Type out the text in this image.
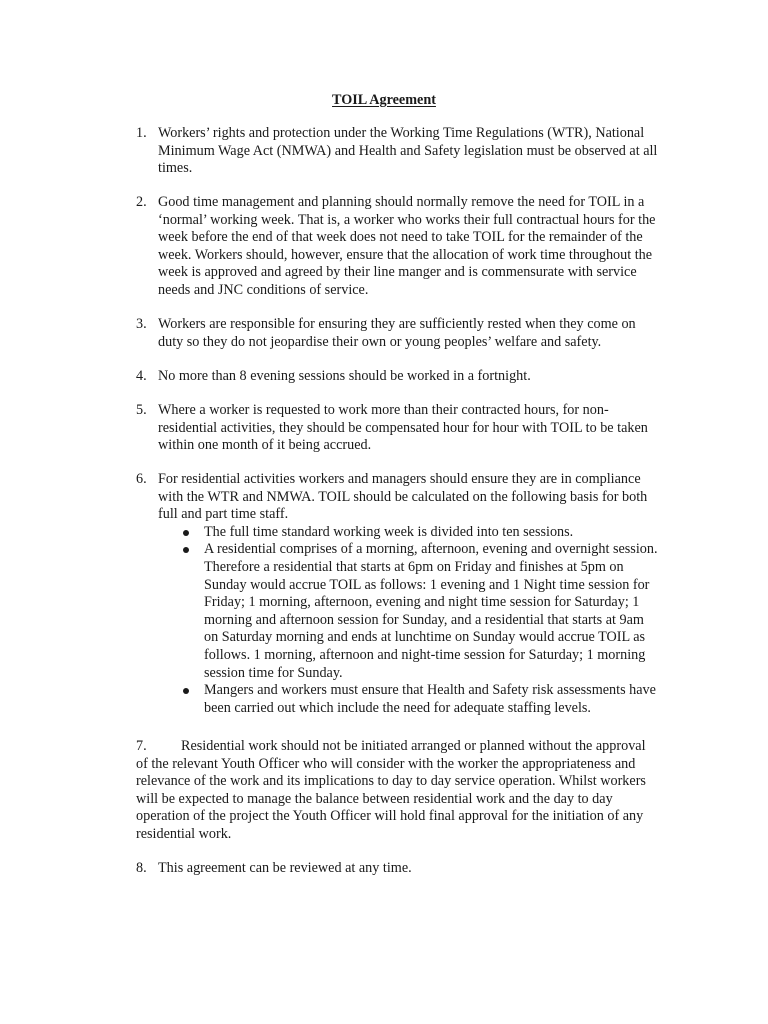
TOIL Agreement
1. Workers’ rights and protection under the Working Time Regulations (WTR), National Minimum Wage Act (NMWA) and Health and Safety legislation must be observed at all times.
2. Good time management and planning should normally remove the need for TOIL in a ‘normal’ working week. That is, a worker who works their full contractual hours for the week before the end of that week does not need to take TOIL for the remainder of the week. Workers should, however, ensure that the allocation of work time throughout the week is approved and agreed by their line manger and is commensurate with service needs and JNC conditions of service.
3. Workers are responsible for ensuring they are sufficiently rested when they come on duty so they do not jeopardise their own or young peoples’ welfare and safety.
4. No more than 8 evening sessions should be worked in a fortnight.
5. Where a worker is requested to work more than their contracted hours, for non-residential activities, they should be compensated hour for hour with TOIL to be taken within one month of it being accrued.
6. For residential activities workers and managers should ensure they are in compliance with the WTR and NMWA. TOIL should be calculated on the following basis for both full and part time staff.
The full time standard working week is divided into ten sessions.
A residential comprises of a morning, afternoon, evening and overnight session. Therefore a residential that starts at 6pm on Friday and finishes at 5pm on Sunday would accrue TOIL as follows: 1 evening and 1 Night time session for Friday; 1 morning, afternoon, evening and night time session for Saturday; 1 morning and afternoon session for Sunday, and a residential that starts at 9am on Saturday morning and ends at lunchtime on Sunday would accrue TOIL as follows. 1 morning, afternoon and night-time session for Saturday; 1 morning session time for Sunday.
Mangers and workers must ensure that Health and Safety risk assessments have been carried out which include the need for adequate staffing levels.
7. Residential work should not be initiated arranged or planned without the approval of the relevant Youth Officer who will consider with the worker the appropriateness and relevance of the work and its implications to day to day service operation. Whilst workers will be expected to manage the balance between residential work and the day to day operation of the project the Youth Officer will hold final approval for the initiation of any residential work.
8. This agreement can be reviewed at any time.
